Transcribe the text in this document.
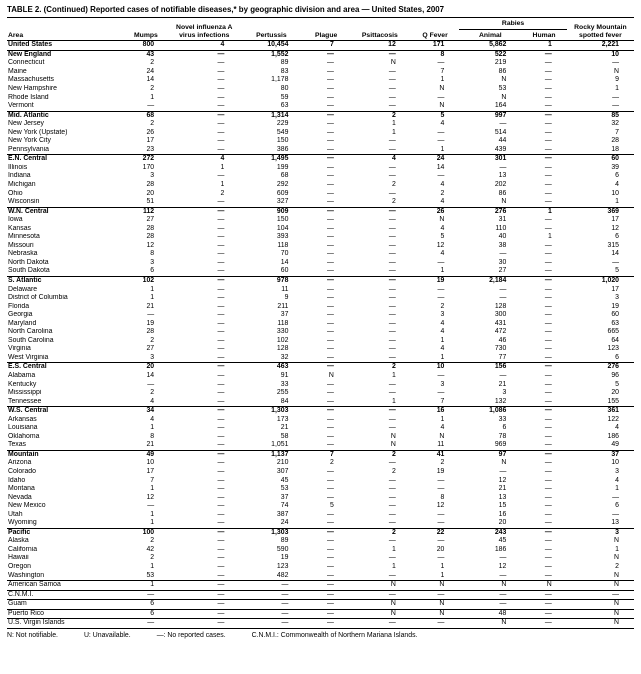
TABLE 2. (Continued) Reported cases of notifiable diseases,* by geographic division and area — United States, 2007
Area	Mumps	Novel influenza A virus infections	Pertussis	Plague	Psittacosis	Q Fever	Rabies		Rocky Mountain spotted fever
							Animal	Human	
United States	800	4	10,454	7	12	171	5,862	1	2,221
New England	43	—	1,552	—	—	8	522	—	10
Connecticut	2	—	89	—	N	—	219	—	—
Maine	24	—	83	—	—	7	86	—	N
Massachusetts	14	—	1,178	—	—	1	N	—	9
New Hampshire	2	—	80	—	—	N	53	—	1
Rhode Island	1	—	59	—	—	—	N	—	—
Vermont	—	—	63	—	—	N	164	—	—
Mid. Atlantic	68	—	1,314	—	2	5	997	—	85
New Jersey	2	—	229	—	1	4	—	—	32
New York (Upstate)	26	—	549	—	1	—	514	—	7
New York City	17	—	150	—	—	—	44	—	28
Pennsylvania	23	—	386	—	—	1	439	—	18
E.N. Central	272	4	1,495	—	4	24	301	—	60
Illinois	170	1	199	—	—	14	—	—	39
Indiana	3	—	68	—	—	—	13	—	6
Michigan	28	1	292	—	2	4	202	—	4
Ohio	20	2	609	—	—	2	86	—	10
Wisconsin	51	—	327	—	2	4	N	—	1
W.N. Central	112	—	909	—	—	26	276	1	369
Iowa	27	—	150	—	—	N	31	—	17
Kansas	28	—	104	—	—	4	110	—	12
Minnesota	28	—	393	—	—	5	40	1	6
Missouri	12	—	118	—	—	12	38	—	315
Nebraska	8	—	70	—	—	4	—	—	14
North Dakota	3	—	14	—	—	—	30	—	—
South Dakota	6	—	60	—	—	1	27	—	5
S. Atlantic	102	—	978	—	—	19	2,184	—	1,020
Delaware	1	—	11	—	—	—	—	—	17
District of Columbia	1	—	9	—	—	—	—	—	3
Florida	21	—	211	—	—	2	128	—	19
Georgia	—	—	37	—	—	3	300	—	60
Maryland	19	—	118	—	—	4	431	—	63
North Carolina	28	—	330	—	—	4	472	—	665
South Carolina	2	—	102	—	—	1	46	—	64
Virginia	27	—	128	—	—	4	730	—	123
West Virginia	3	—	32	—	—	1	77	—	6
E.S. Central	20	—	463	—	2	10	156	—	276
Alabama	14	—	91	N	1	—	—	—	96
Kentucky	—	—	33	—	—	3	21	—	5
Mississippi	2	—	255	—	—	—	3	—	20
Tennessee	4	—	84	—	1	7	132	—	155
W.S. Central	34	—	1,303	—	—	16	1,086	—	361
Arkansas	4	—	173	—	—	1	33	—	122
Louisiana	1	—	21	—	—	4	6	—	4
Oklahoma	8	—	58	—	N	N	78	—	186
Texas	21	—	1,051	—	N	11	969	—	49
Mountain	49	—	1,137	7	2	41	97	—	37
Arizona	10	—	210	2	—	2	N	—	10
Colorado	17	—	307	—	2	19	—	—	3
Idaho	7	—	45	—	—	—	12	—	4
Montana	1	—	53	—	—	—	21	—	1
Nevada	12	—	37	—	—	8	13	—	—
New Mexico	—	—	74	5	—	12	15	—	6
Utah	1	—	387	—	—	—	16	—	—
Wyoming	1	—	24	—	—	—	20	—	13
Pacific	100	—	1,303	—	2	22	243	—	3
Alaska	2	—	89	—	—	—	45	—	N
California	42	—	590	—	1	20	186	—	1
Hawaii	2	—	19	—	—	—	—	—	N
Oregon	1	—	123	—	1	1	12	—	2
Washington	53	—	482	—	—	1	—	—	N
American Samoa	1	—	—	—	N	N	N	N	N
C.N.M.I.	—	—	—	—	—	—	—	—	—
Guam	6	—	—	—	N	N	—	—	N
Puerto Rico	6	—	—	—	N	N	48	—	N
U.S. Virgin Islands	—	—	—	—	—	—	N	—	N
N: Not notifiable.	U: Unavailable.	—: No reported cases.	C.N.M.I.: Commonwealth of Northern Mariana Islands.
